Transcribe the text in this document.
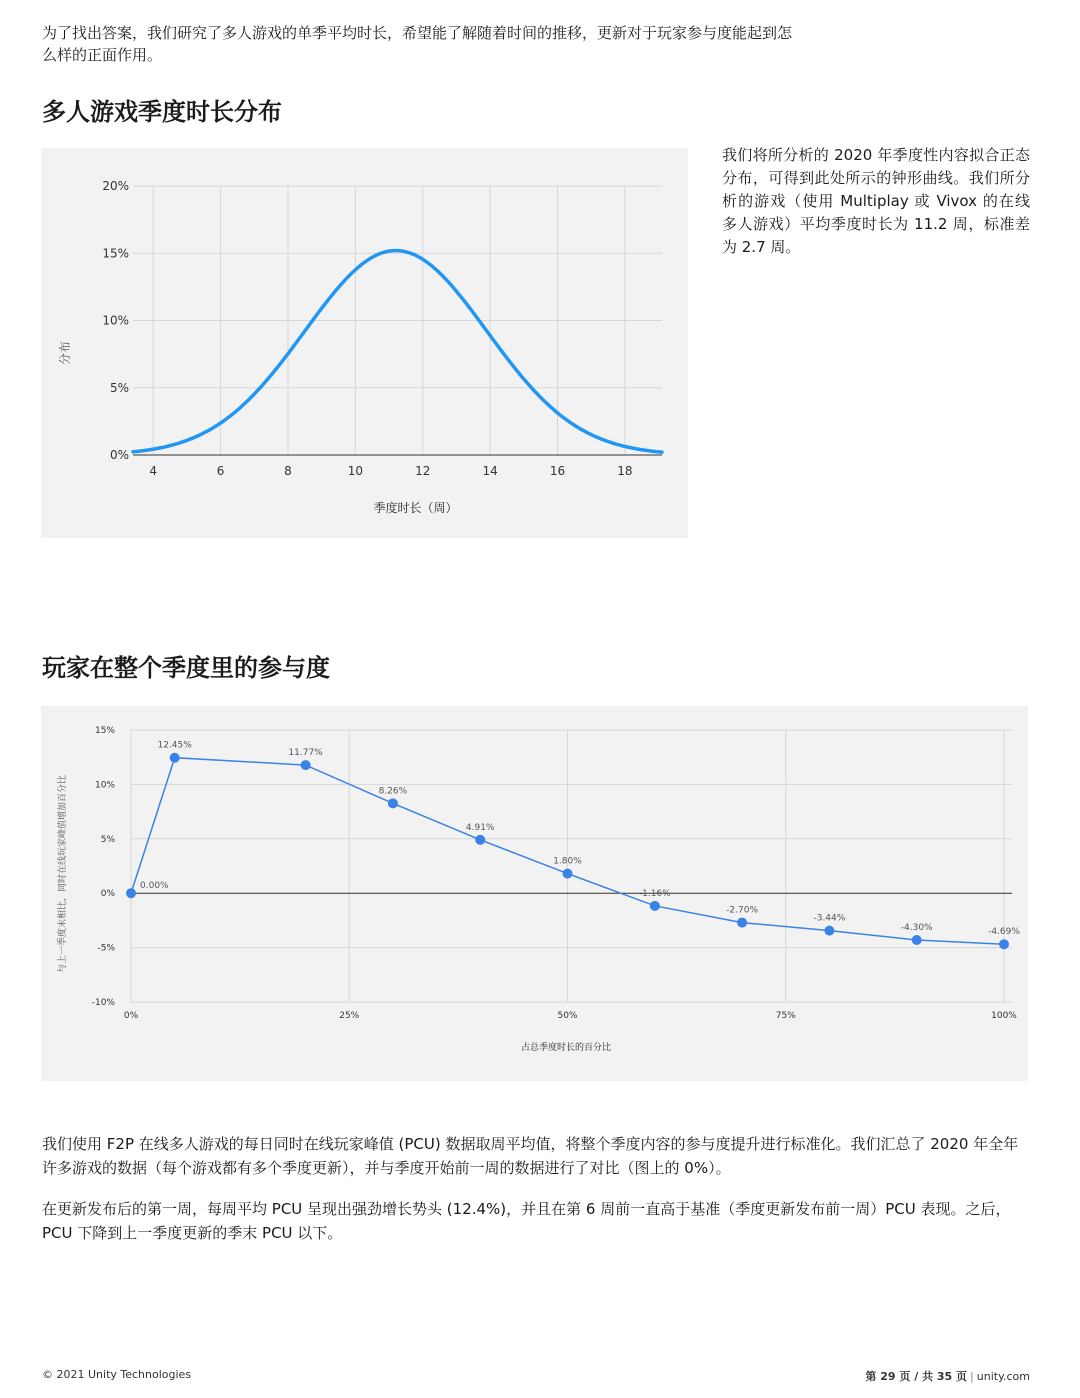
为了找出答案，我们研究了多人游戏的单季平均时长，希望能了解随着时间的推移，更新对于玩家参与度能起到怎么样的正面作用。
多人游戏季度时长分布
4	6	8	10	12	14	16	18
0%
5%
10%
15%
20%
季度时长（周）
分布
我们将所分析的 2020 年季度性内容拟合正态分布，可得到此处所示的钟形曲线。我们所分析的游戏（使用 Multiplay 或 Vivox 的在线多人游戏）平均季度时长为 11.2 周，标准差为 2.7 周。
玩家在整个季度里的参与度
0%	25%	50%	75%	100%
-10%
-5%
0%
5%
10%
15%
0.00%
12.45%
11.77%
8.26%
4.91%
1.80%
-1.16%
-2.70%
-3.44%
-4.30%	-4.69%
占总季度时长的百分比
与上一季度末相比，同时在线玩家峰值增加百分比

我们使用 F2P 在线多人游戏的每日同时在线玩家峰值 (PCU) 数据取周平均值，将整个季度内容的参与度提升进行标准化。我们汇总了 2020 年全年许多游戏的数据（每个游戏都有多个季度更新），并与季度开始前一周的数据进行了对比（图上的 0%）。

在更新发布后的第一周，每周平均 PCU 呈现出强劲增长势头 (12.4%)，并且在第 6 周前一直高于基准（季度更新发布前一周）PCU 表现。之后，PCU 下降到上一季度更新的季末 PCU 以下。

© 2021 Unity Technologies	第 29 页 / 共 35 页 | unity.com
